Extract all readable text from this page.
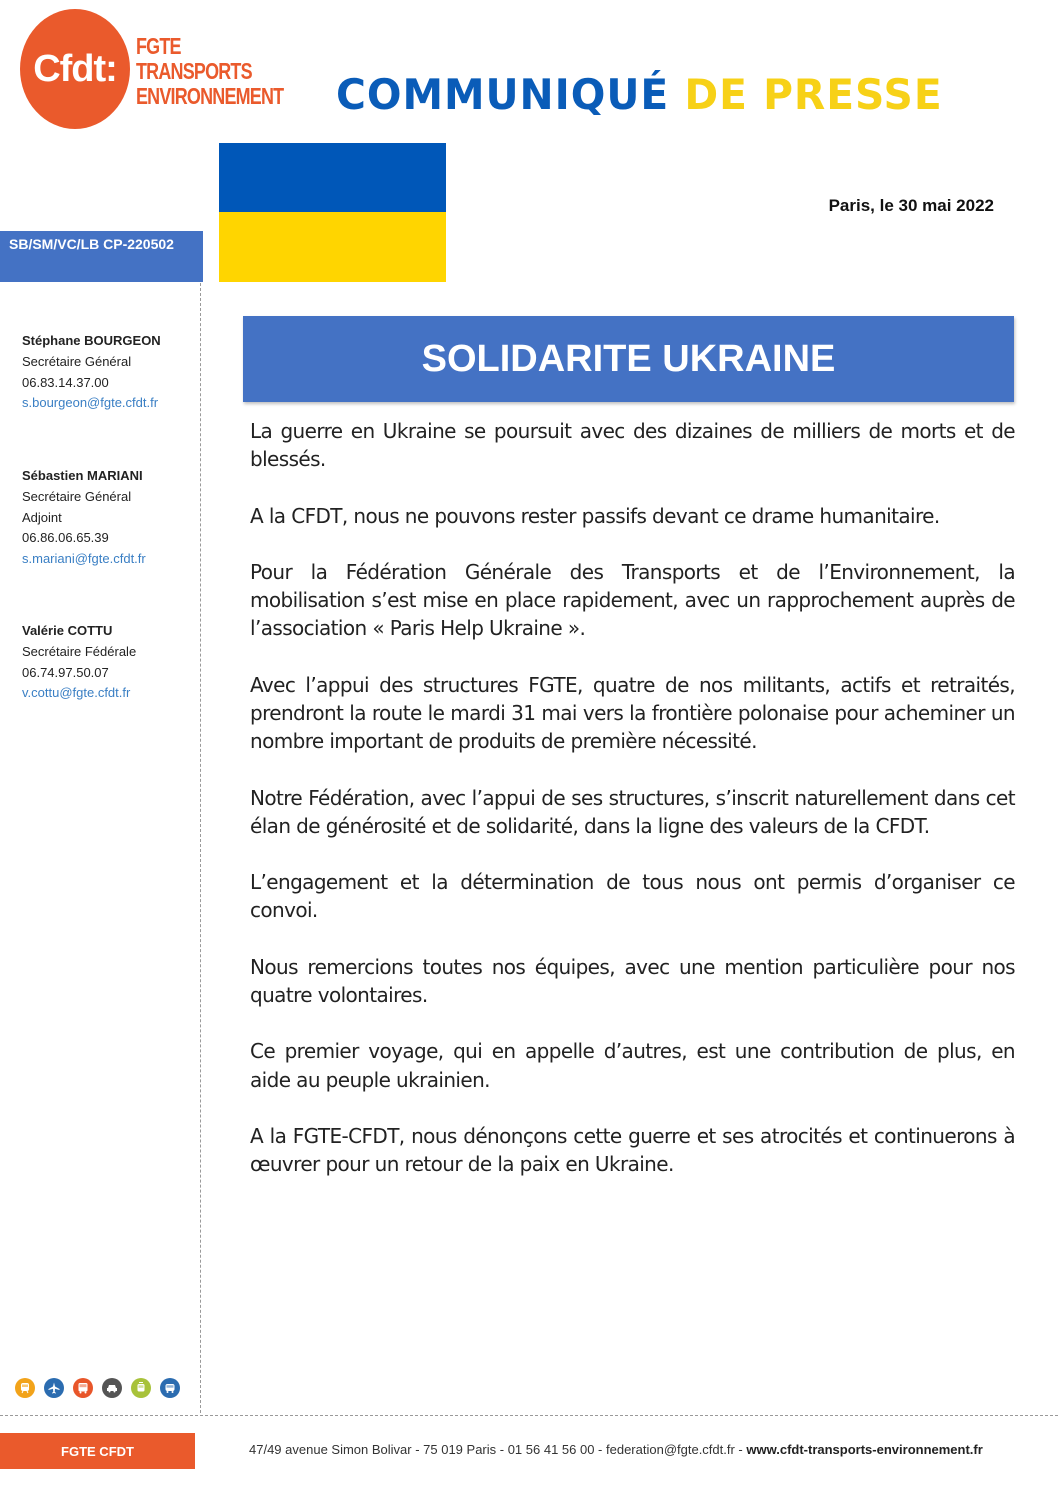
Cfdt:
FGTE
TRANSPORTS
ENVIRONNEMENT COMMUNIQUÉ DE PRESSE
Paris, le 30 mai 2022
SB/SM/VC/LB CP-220502
Stéphane BOURGEON
Secrétaire Général
06.83.14.37.00
s.bourgeon@fgte.cfdt.fr
Sébastien MARIANI
Secrétaire Général
Adjoint
06.86.06.65.39
s.mariani@fgte.cfdt.fr
Valérie COTTU
Secrétaire Fédérale
06.74.97.50.07
v.cottu@fgte.cfdt.fr
SOLIDARITE UKRAINE

La guerre en Ukraine se poursuit avec des dizaines de milliers de morts et de blessés.

A la CFDT, nous ne pouvons rester passifs devant ce drame humanitaire.

Pour la Fédération Générale des Transports et de l’Environnement, la mobilisation s’est mise en place rapidement, avec un rapprochement auprès de l’association « Paris Help Ukraine ».

Avec l’appui des structures FGTE, quatre de nos militants, actifs et retraités, prendront la route le mardi 31 mai vers la frontière polonaise pour acheminer un nombre important de produits de première nécessité.

Notre Fédération, avec l’appui de ses structures, s’inscrit naturellement dans cet élan de générosité et de solidarité, dans la ligne des valeurs de la CFDT.

L’engagement et la détermination de tous nous ont permis d’organiser ce convoi.

Nous remercions toutes nos équipes, avec une mention particulière pour nos quatre volontaires.

Ce premier voyage, qui en appelle d’autres, est une contribution de plus, en aide au peuple ukrainien.

A la FGTE-CFDT, nous dénonçons cette guerre et ses atrocités et continuerons à œuvrer pour un retour de la paix en Ukraine.

FGTE CFDT	47/49 avenue Simon Bolivar - 75 019 Paris - 01 56 41 56 00 - federation@fgte.cfdt.fr - www.cfdt-transports-environnement.fr
